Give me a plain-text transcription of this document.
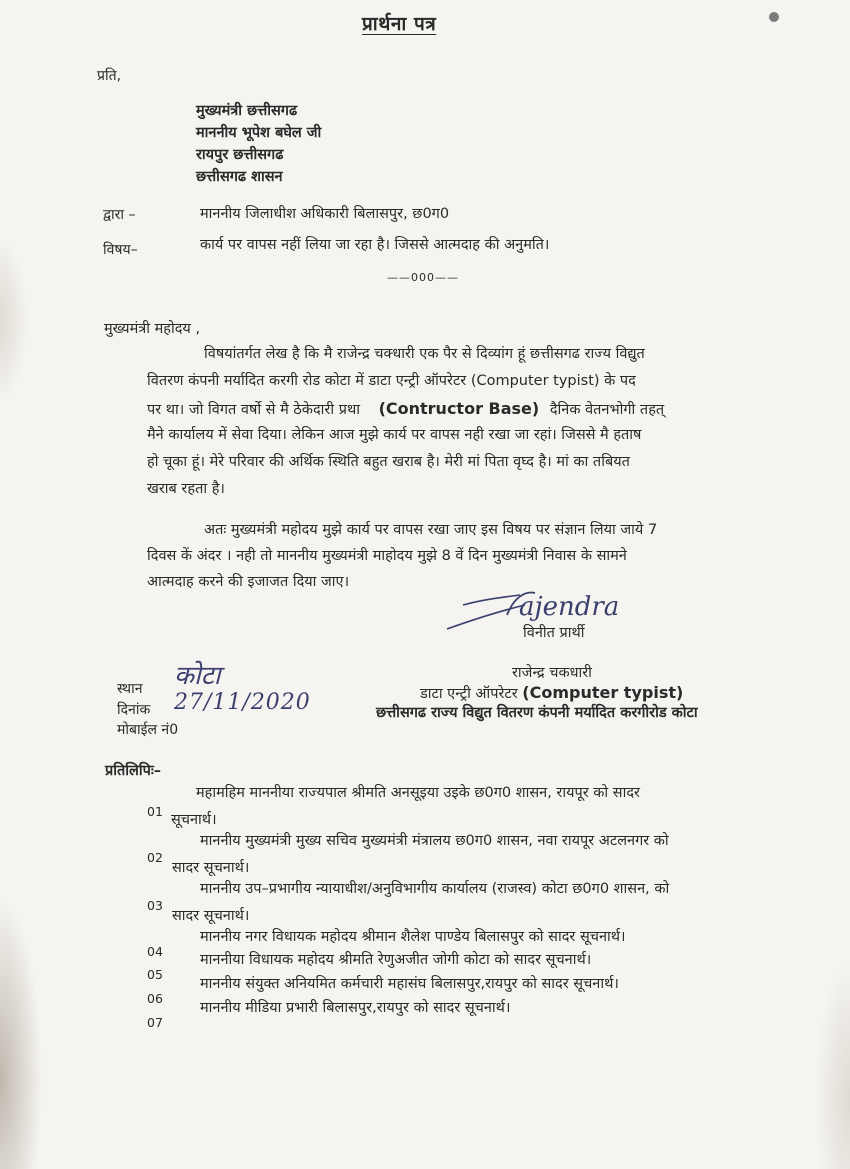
प्रार्थना पत्र
प्रति,
मुख्यमंत्री छत्तीसगढ
माननीय भूपेश बघेल जी
रायपुर छत्तीसगढ
छत्तीसगढ शासन
द्वारा –	माननीय जिलाधीश अधिकारी बिलासपुर, छ0ग0
विषय–	कार्य पर वापस नहीं लिया जा रहा है। जिससे आत्मदाह की अनुमति।
——000——
मुख्यमंत्री महोदय ,
विषयांतर्गत लेख है कि मै राजेन्द्र चक्धारी एक पैर से दिव्यांग हूं छत्तीसगढ राज्य विद्युत
वितरण कंपनी मर्यादित करगी रोड कोटा में डाटा एन्ट्री ऑपरेटर (Computer typist) के पद
पर था। जो विगत वर्षो से मै ठेकेदारी प्रथा (Contructor Base) दैनिक वेतनभोगी तहत्
मैने कार्यालय में सेवा दिया। लेकिन आज मुझे कार्य पर वापस नही रखा जा रहां। जिससे मै हताष
हो चूका हूं। मेरे परिवार की अर्थिक स्थिति बहुत खराब है। मेरी मां पिता वृघ्द है। मां का तबियत
खराब रहता है।
अतः मुख्यमंत्री महोदय मुझे कार्य पर वापस रखा जाए इस विषय पर संज्ञान लिया जाये 7
दिवस कें अंदर । नही तो माननीय मुख्यमंत्री माहोदय मुझे 8 वें दिन मुख्यमंत्री निवास के सामने
आत्मदाह करने की इजाजत दिया जाए।
ajendra
विनीत प्रार्थी
राजेन्द्र चकधारी
डाटा एन्ट्री ऑपरेटर (Computer typist)
छत्तीसगढ राज्य विद्युत वितरण कंपनी मर्यादित करगीरोड कोटा
स्थान कोटा
दिनांक 27/11/2020
मोबाईल नं0
प्रतिलिपिः–
01
महामहिम माननीया राज्यपाल श्रीमति अनसूइया उइके छ0ग0 शासन, रायपूर को सादर
सूचनार्थ।
02
माननीय मुख्यमंत्री मुख्य सचिव मुख्यमंत्री मंत्रालय छ0ग0 शासन, नवा रायपूर अटलनगर को
सादर सूचनार्थ।
03
माननीय उप–प्रभागीय न्यायाधीश/अनुविभागीय कार्यालय (राजस्व) कोटा छ0ग0 शासन, को
सादर सूचनार्थ।
04
माननीय नगर विधायक महोदय श्रीमान शैलेश पाण्डेय बिलासपुर को सादर सूचनार्थ।
05
माननीया विधायक महोदय श्रीमति रेणुअजीत जोगी कोटा को सादर सूचनार्थ।
06
माननीय संयुक्त अनियमित कर्मचारी महासंघ बिलासपुर,रायपुर को सादर सूचनार्थ।
07
माननीय मीडिया प्रभारी बिलासपुर,रायपुर को सादर सूचनार्थ।
